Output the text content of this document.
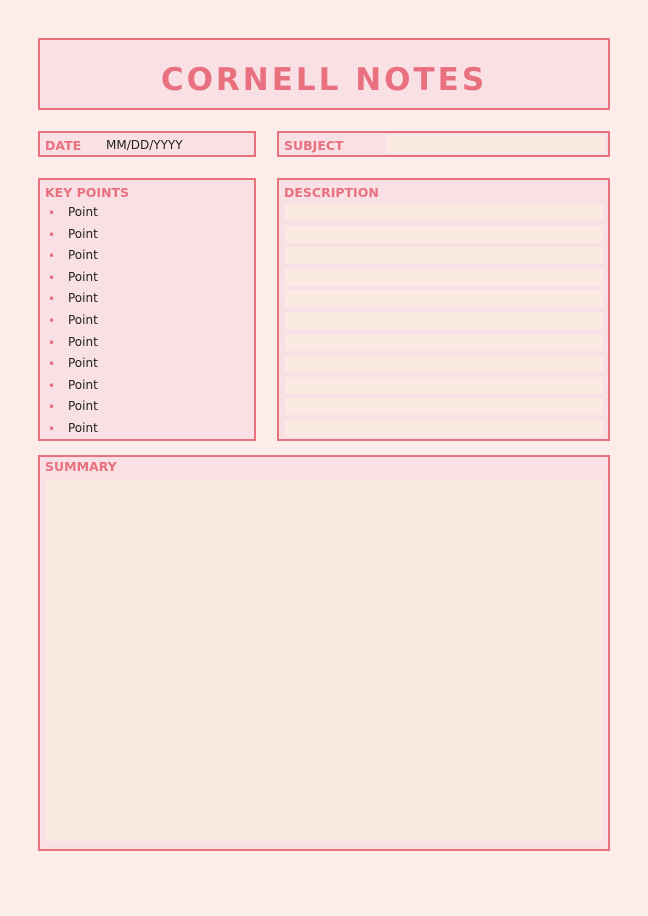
CORNELL NOTES
DATE MM/DD/YYYY	SUBJECT
KEY POINTS
• Point
• Point
• Point
• Point
• Point
• Point
• Point
• Point
• Point
• Point
• Point
DESCRIPTION
SUMMARY
